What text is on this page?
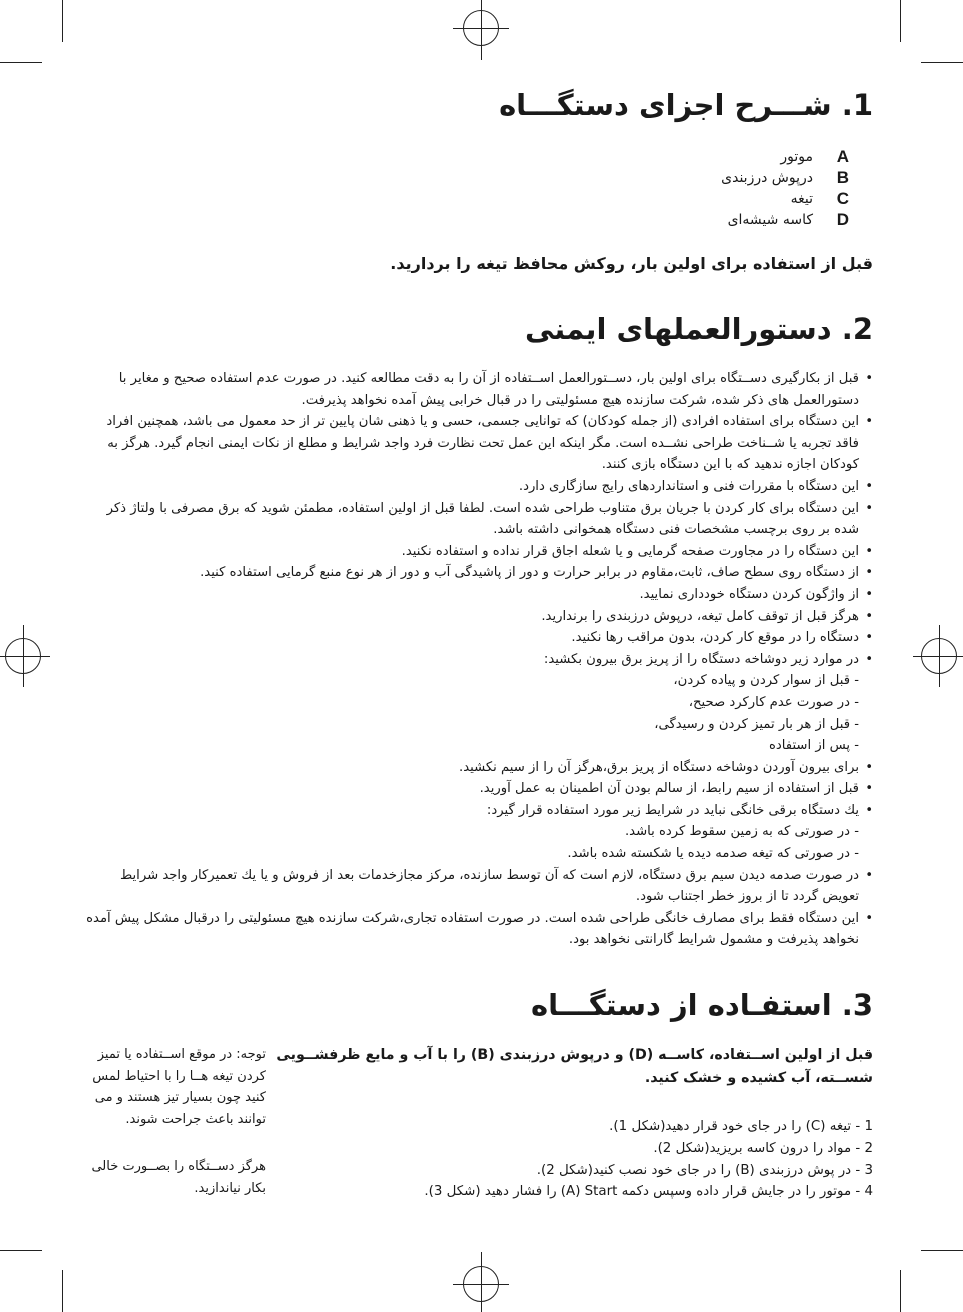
1. شـــرح اجزای دستگـــاه
A
موتور
B
درپوش درزبندی
C
تیغه
D
کاسه شیشه‌ای
قبل از استفاده برای اولین بار، روکش محافظ تیغه را بردارید.
2. دستورالعملهای ایمنی
• قبل از بکارگیری دســتگاه برای اولین بار، دســتورالعمل اســتفاده از آن را به دقت مطالعه کنید. در صورت عدم استفاده صحیح و مغایر با دستورالعمل های ذکر شده، شرکت سازنده هیچ مسئولیتی را در قبال خرابی پیش آمده نخواهد پذیرفت.
• این دستگاه برای استفاده افرادی (از جمله کودکان) که توانایی جسمی، حسی و یا ذهنی شان پایین تر از حد معمول می باشد، همچنین افراد فاقد تجربه یا شــناخت طراحی نشــده است. مگر اینکه این عمل تحت نظارت فرد واجد شرایط و مطلع از نکات ایمنی انجام گیرد. هرگز به کودکان اجازه ندهید که با این دستگاه بازی کنند.
• این دستگاه با مقررات فنی و استانداردهای رایج سازگاری دارد.
• این دستگاه برای کار کردن با جریان برق متناوب طراحی شده است. لطفا قبل از اولین استفاده، مطمئن شوید که برق مصرفی با ولتاژ ذکر شده بر روی برچسب مشخصات فنی دستگاه همخوانی داشته باشد.
• این دستگاه را در مجاورت صفحه گرمایی و یا شعله اجاق قرار نداده و استفاده نکنید.
• از دستگاه روی سطح صاف، ثابت،مقاوم در برابر حرارت و دور از پاشیدگی آب و دور از هر نوع منبع گرمایی استفاده کنید.
• از واژگون کردن دستگاه خودداری نمایید.
• هرگز قبل از توقف کامل تیغه، درپوش درزبندی را برندارید.
• دستگاه را در موقع کار کردن، بدون مراقب رها نکنید.
• در موارد زیر دوشاخه دستگاه را از پریز برق بیرون بکشید:
- قبل از سوار کردن و پیاده کردن،
- در صورت عدم کارکرد صحیح،
- قبل از هر بار تمیز کردن و رسیدگی،
- پس از استفاده
• برای بیرون آوردن دوشاخه دستگاه از پریز برق،هرگز آن را از سیم نکشید.
• قبل از استفاده از سیم رابط، از سالم بودن آن اطمینان به عمل آورید.
• یك دستگاه برقی خانگی نباید در شرایط زیر مورد استفاده قرار گیرد:
- در صورتی که به زمین سقوط کرده باشد.
- در صورتی که تیغه صدمه دیده یا شکسته شده باشد.
• در صورت صدمه دیدن سیم برق دستگاه، لازم است که آن توسط سازنده، مرکز مجازخدمات بعد از فروش و یا یك تعمیرکار واجد شرایط تعویض گردد تا از بروز خطر اجتناب شود.
• این دستگاه فقط برای مصارف خانگی طراحی شده است. در صورت استفاده تجاری،شرکت سازنده هیچ مسئولیتی را درقبال مشکل پیش آمده نخواهد پذیرفت و مشمول شرایط گارانتی نخواهد بود.
3. استفـاده از دستگـــاه
توجه: در موقع اســتفاده یا تمیز کردن تیغه هــا را با احتیاط لمس کنید چون بسیار تیز هستند و می توانند باعث جراحت شوند.
هرگز دســتگاه را بصــورت خالی بکار نیاندازید.
قبل از اولین اســتفاده، کاســه (D) و درپوش درزبندی (B) را با آب و مایع ظرفشــویی شســته، آب کشیده و خشک کنید.
1 - تیغه (C) را در جای خود قرار دهید(شکل 1).
2 - مواد را درون کاسه بریزید(شکل 2).
3 - در پوش درزبندی (B) را در جای خود نصب کنید(شکل 2).
4 - موتور را در جایش قرار داده وسپس دکمه A) Start) را فشار دهید (شکل 3).
